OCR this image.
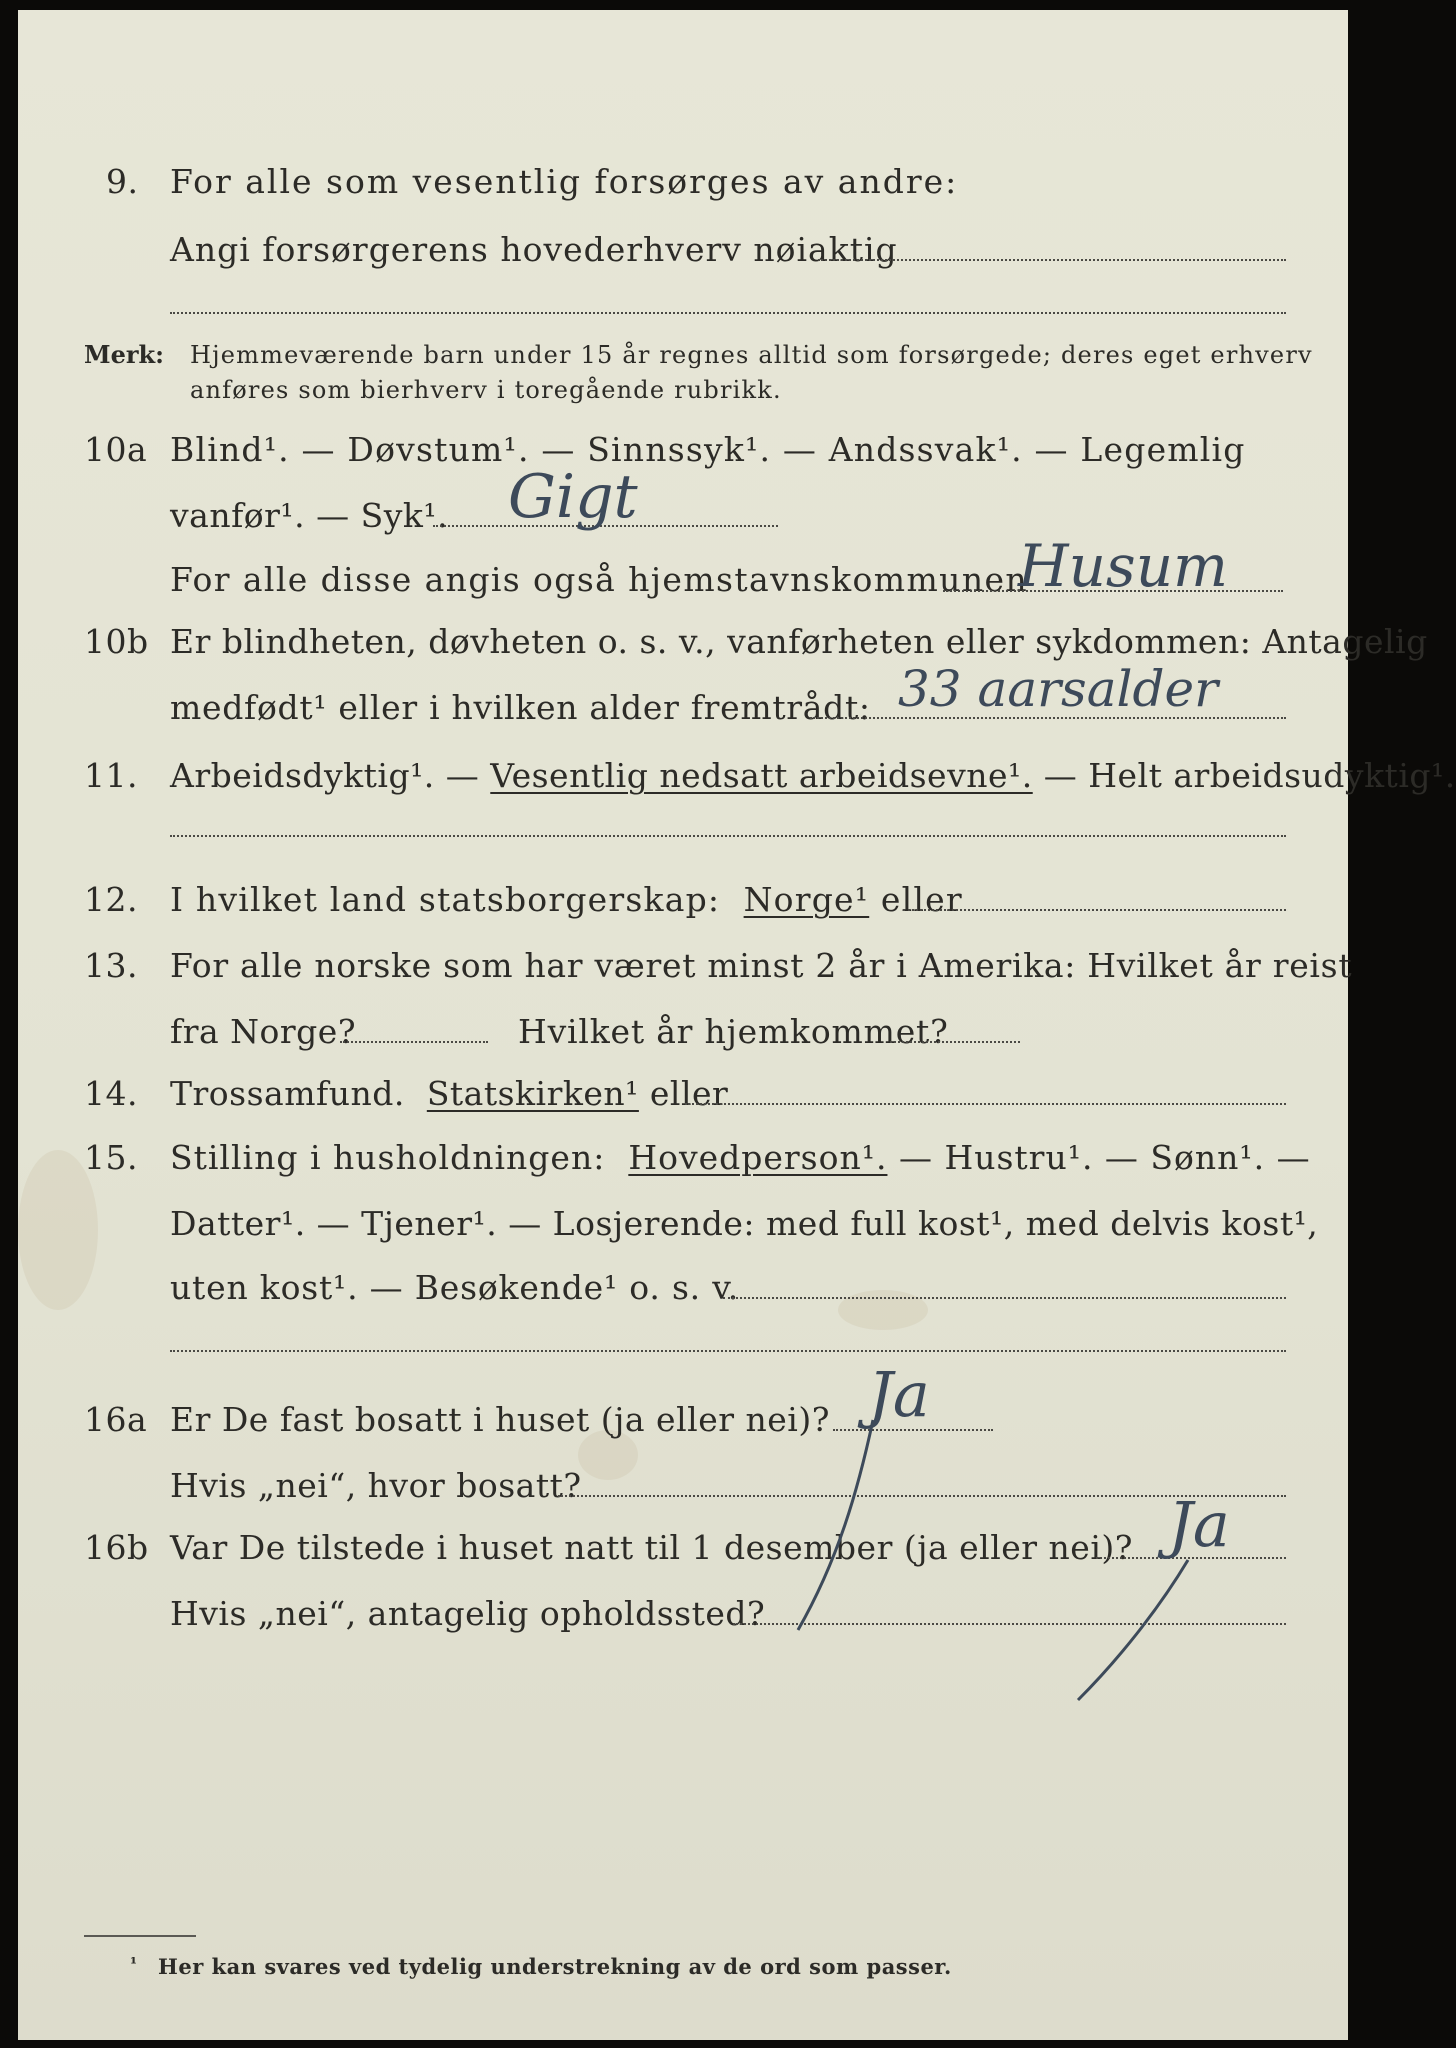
9. For alle som vesentlig forsørges av andre:
Angi forsørgerens hovederhverv nøiaktig
Merk: Hjemmeværende barn under 15 år regnes alltid som forsørgede; deres eget erhverv
anføres som bierhverv i toregående rubrikk.
10a Blind¹. — Døvstum¹. — Sinnssyk¹. — Andssvak¹. — Legemlig
vanfør¹. — Syk¹. Gigt
For alle disse angis også hjemstavnskommunen
Husum
10b Er blindheten, døvheten o. s. v., vanførheten eller sykdommen: Antagelig
medfødt¹ eller i hvilken alder fremtrådt: 33 aarsalder
11. Arbeidsdyktig¹. — Vesentlig nedsatt arbeidsevne¹. — Helt arbeidsudyktig¹.
12. I hvilket land statsborgerskap: Norge¹ eller
13. For alle norske som har været minst 2 år i Amerika: Hvilket år reist
fra Norge?	Hvilket år hjemkommet?
14. Trossamfund. Statskirken¹ eller
15. Stilling i husholdningen: Hovedperson¹. — Hustru¹. — Sønn¹. —
Datter¹. — Tjener¹. — Losjerende: med full kost¹, med delvis kost¹,
uten kost¹. — Besøkende¹ o. s. v.
16a Er De fast bosatt i huset (ja eller nei)? Ja
Hvis „nei“, hvor bosatt?
16b Var De tilstede i huset natt til 1 desember (ja eller nei)? Ja
Hvis „nei“, antagelig opholdssted?
¹ Her kan svares ved tydelig understrekning av de ord som passer.
